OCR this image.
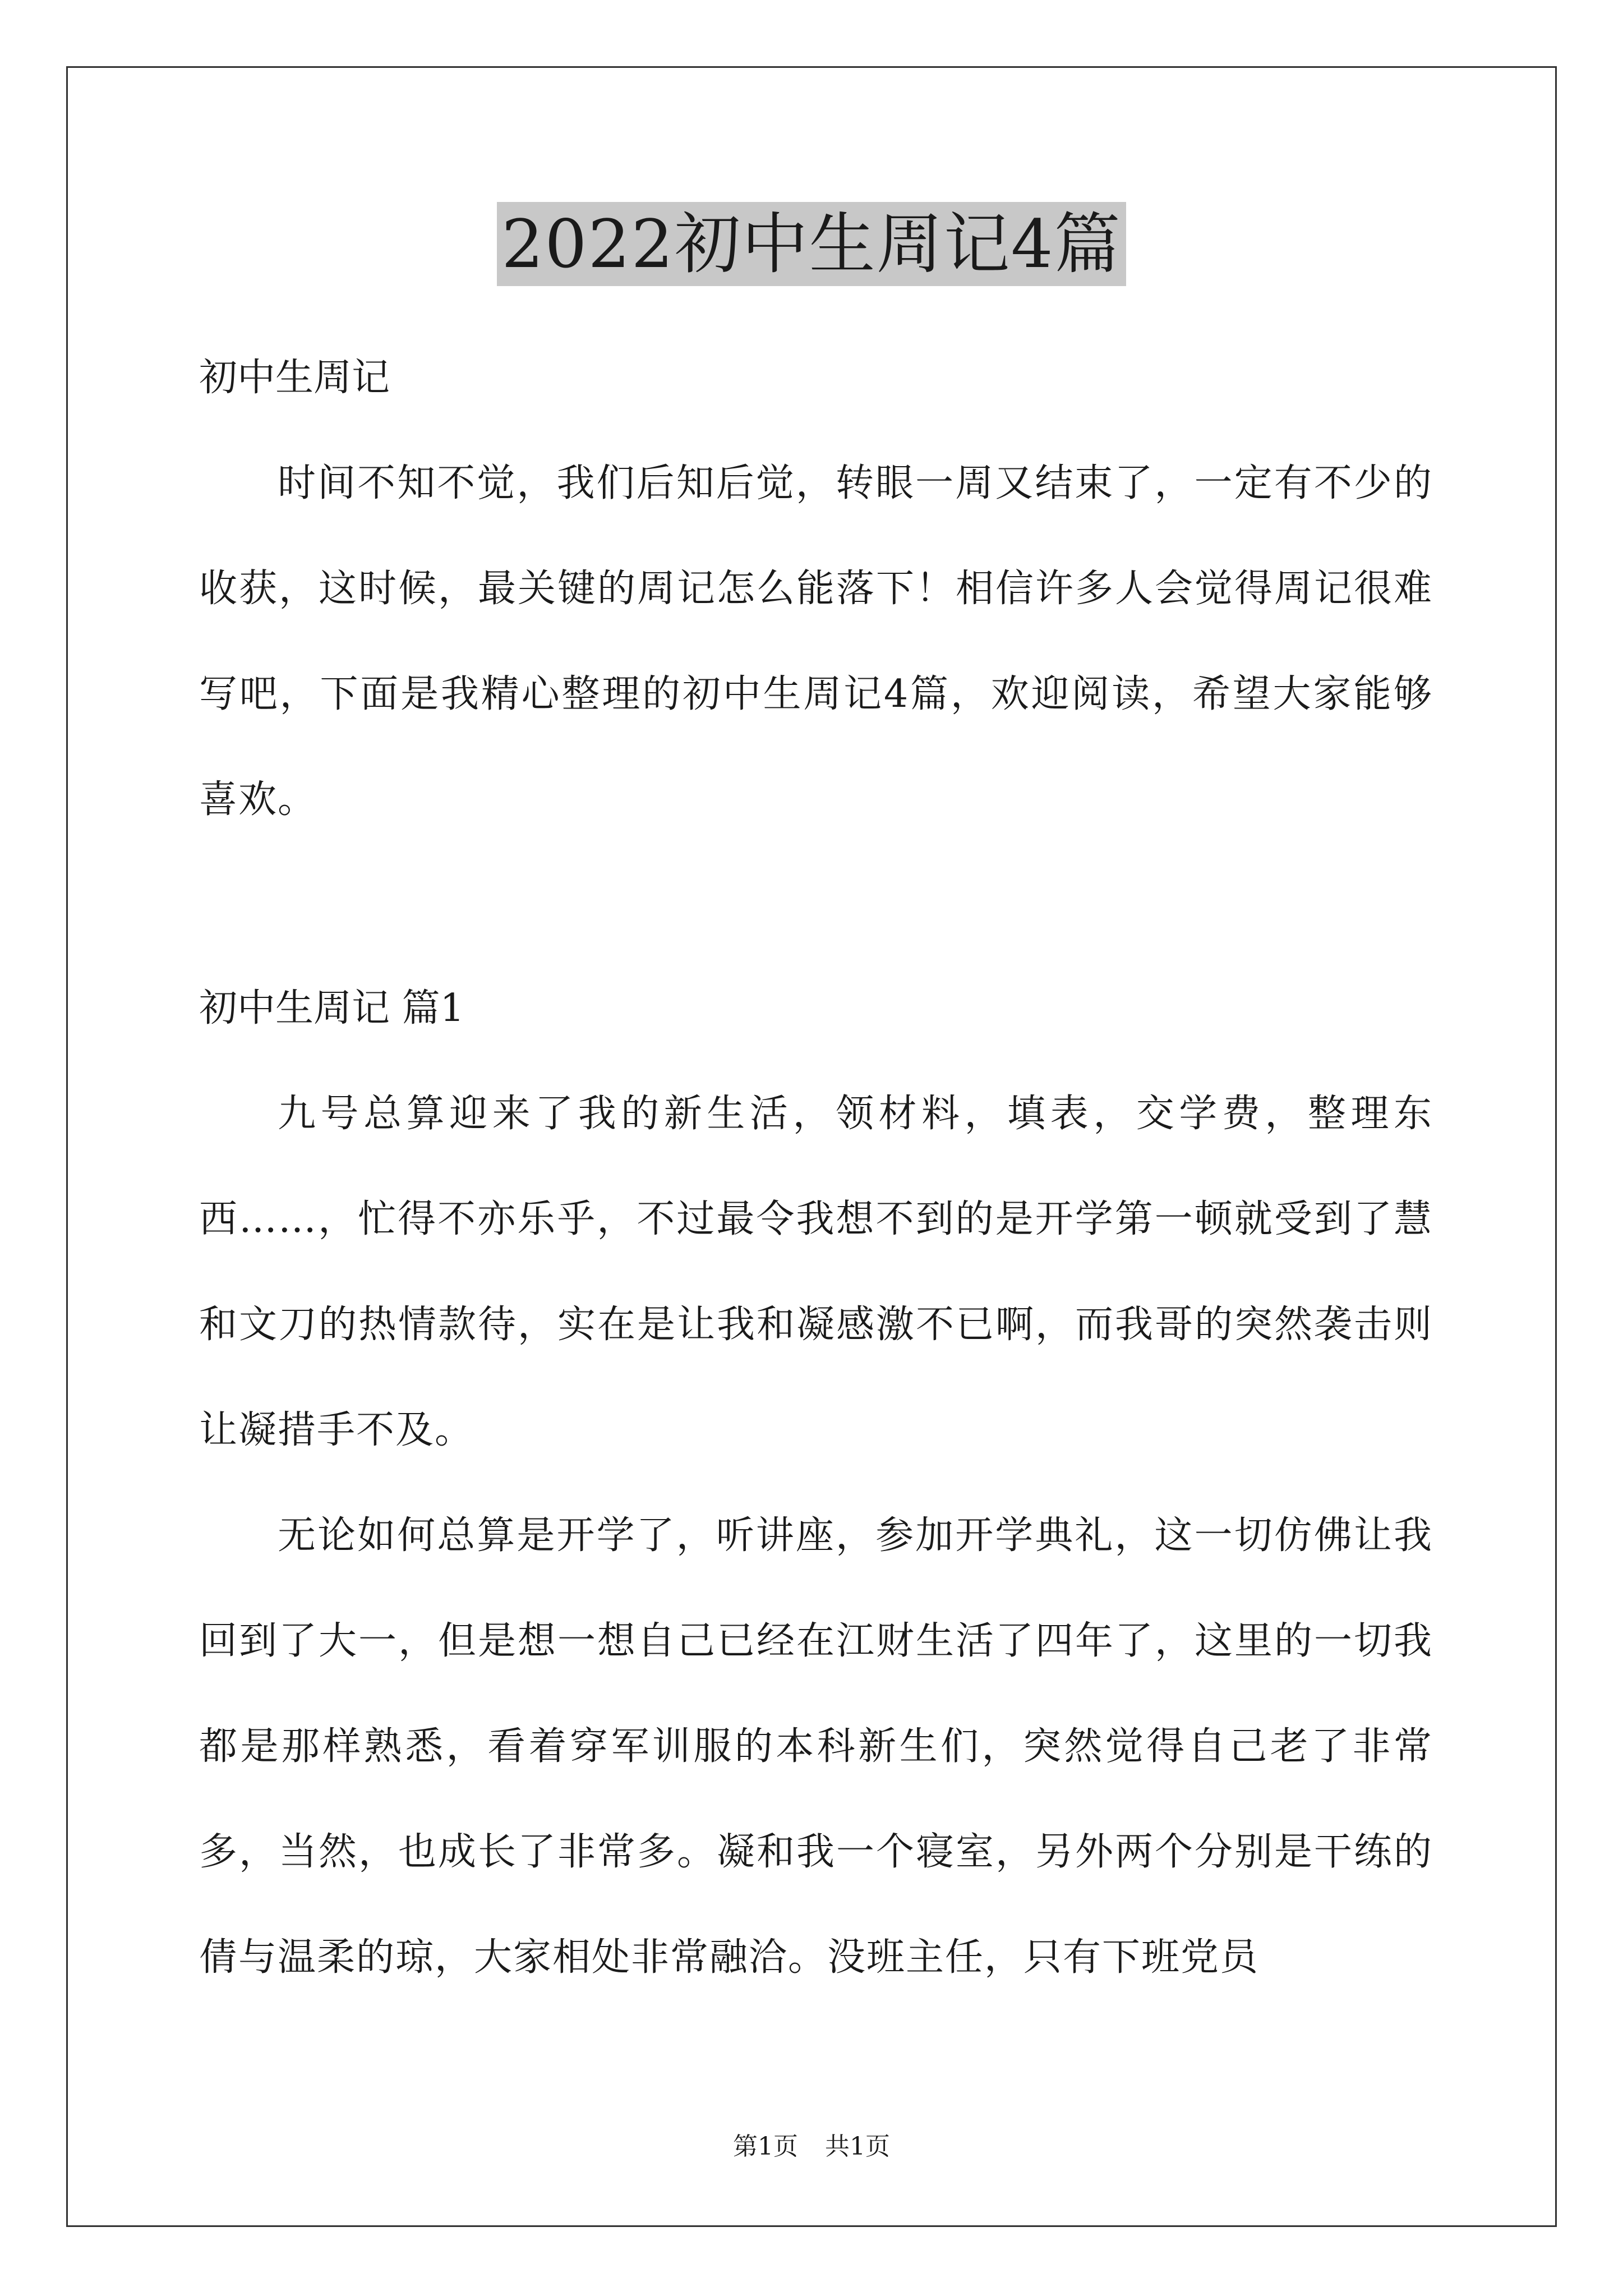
2022初中生周记4篇

初中生周记

时间不知不觉，我们后知后觉，转眼一周又结束了，一定有不少的收获，这时候，最关键的周记怎么能落下！相信许多人会觉得周记很难写吧，下面是我精心整理的初中生周记4篇，欢迎阅读，希望大家能够喜欢。

初中生周记 篇1

九号总算迎来了我的新生活，领材料，填表，交学费，整理东西……，忙得不亦乐乎，不过最令我想不到的是开学第一顿就受到了慧和文刀的热情款待，实在是让我和凝感激不已啊，而我哥的突然袭击则让凝措手不及。

无论如何总算是开学了，听讲座，参加开学典礼，这一切仿佛让我回到了大一，但是想一想自己已经在江财生活了四年了，这里的一切我都是那样熟悉，看着穿军训服的本科新生们，突然觉得自己老了非常多，当然，也成长了非常多。凝和我一个寝室，另外两个分别是干练的倩与温柔的琼，大家相处非常融洽。没班主任，只有下班党员

第1页 共1页
